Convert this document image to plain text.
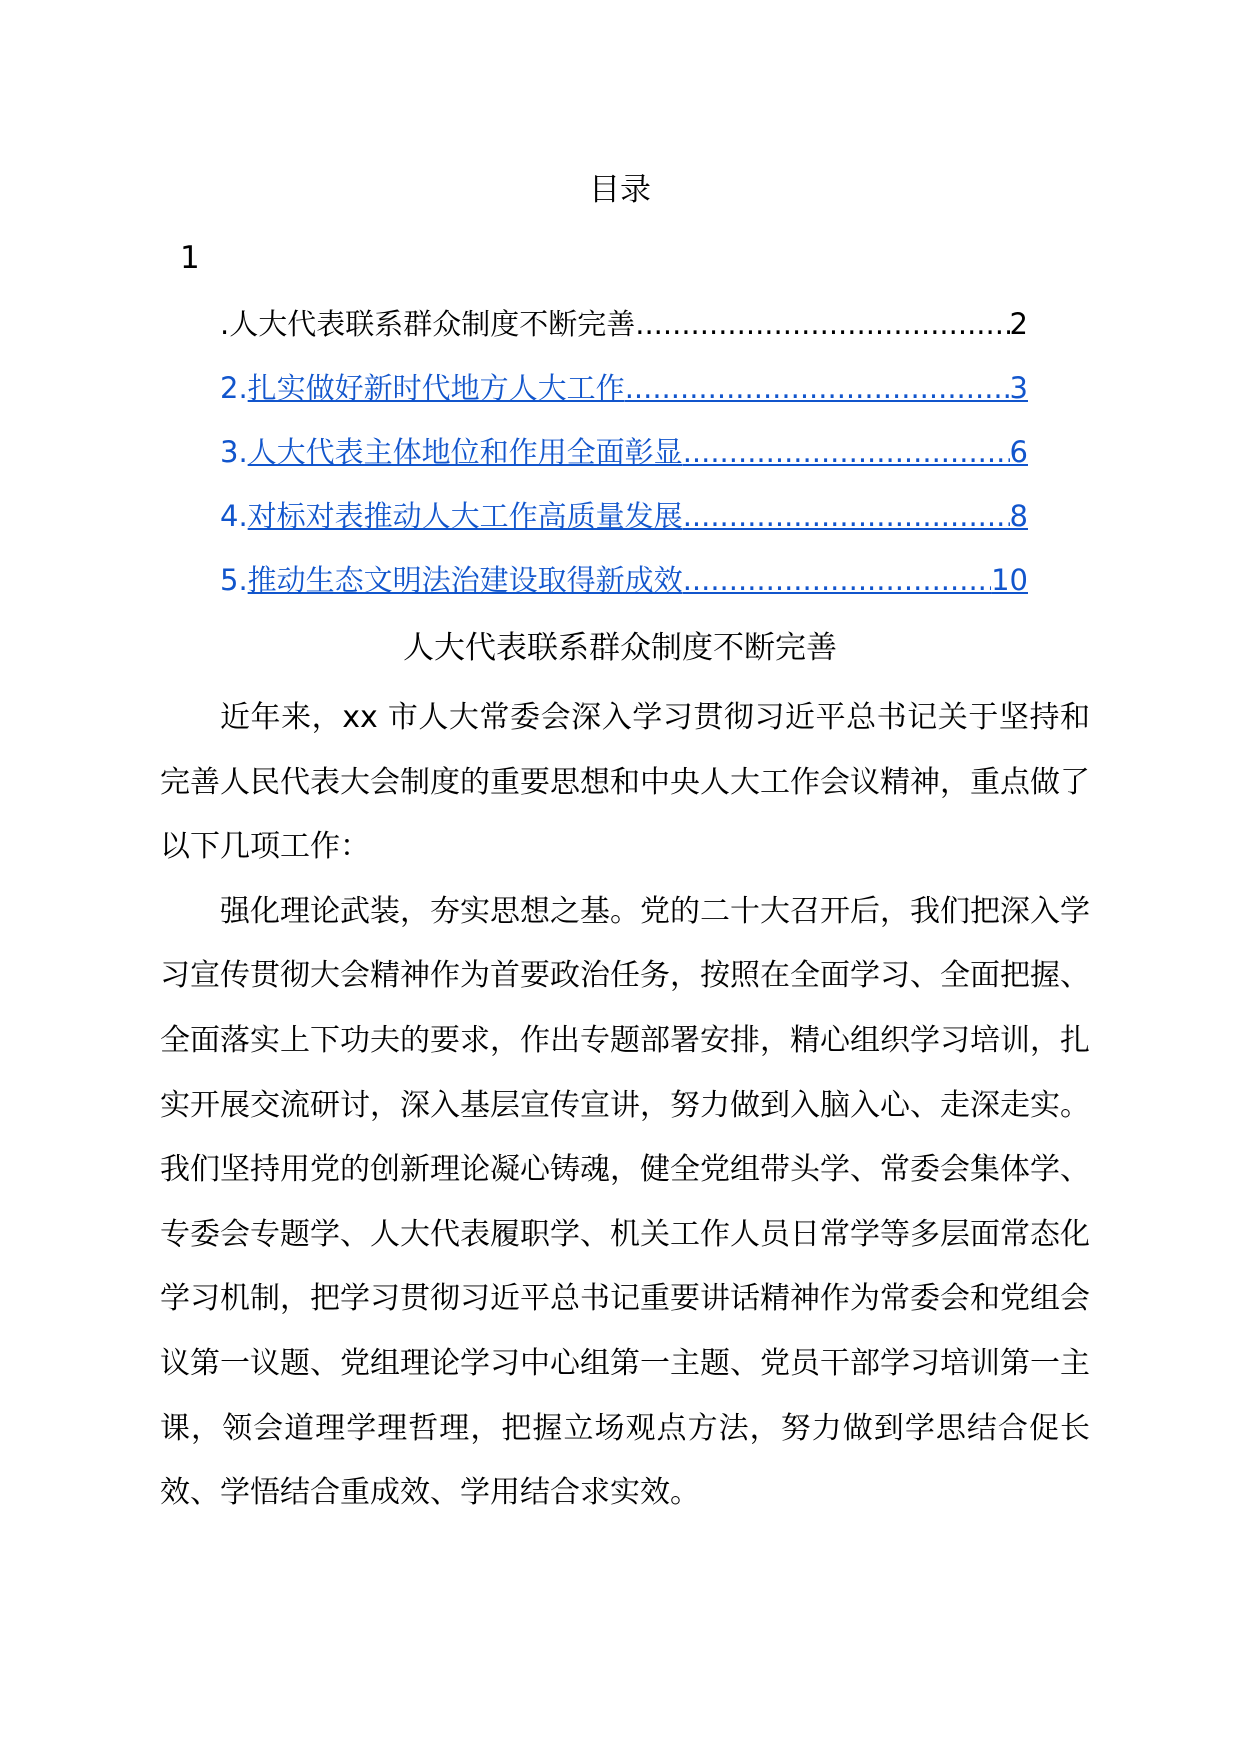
目录
1
.人大代表联系群众制度不断完善 .....	2
2. 扎实做好新时代地方人大工作 .....	3
3. 人大代表主体地位和作用全面彰显 .....	6
4. 对标对表推动人大工作高质量发展 .....	8
5. 推动生态文明法治建设取得新成效 .....	10
人大代表联系群众制度不断完善

近年来，xx 市人大常委会深入学习贯彻习近平总书记关于坚持和完善人民代表大会制度的重要思想和中央人大工作会议精神，重点做了以下几项工作：

强化理论武装，夯实思想之基。党的二十大召开后，我们把深入学习宣传贯彻大会精神作为首要政治任务，按照在全面学习、全面把握、全面落实上下功夫的要求，作出专题部署安排，精心组织学习培训，扎实开展交流研讨，深入基层宣传宣讲，努力做到入脑入心、走深走实。我们坚持用党的创新理论凝心铸魂，健全党组带头学、常委会集体学、专委会专题学、人大代表履职学、机关工作人员日常学等多层面常态化学习机制，把学习贯彻习近平总书记重要讲话精神作为常委会和党组会议第一议题、党组理论学习中心组第一主题、党员干部学习培训第一主课，领会道理学理哲理，把握立场观点方法，努力做到学思结合促长效、学悟结合重成效、学用结合求实效。
